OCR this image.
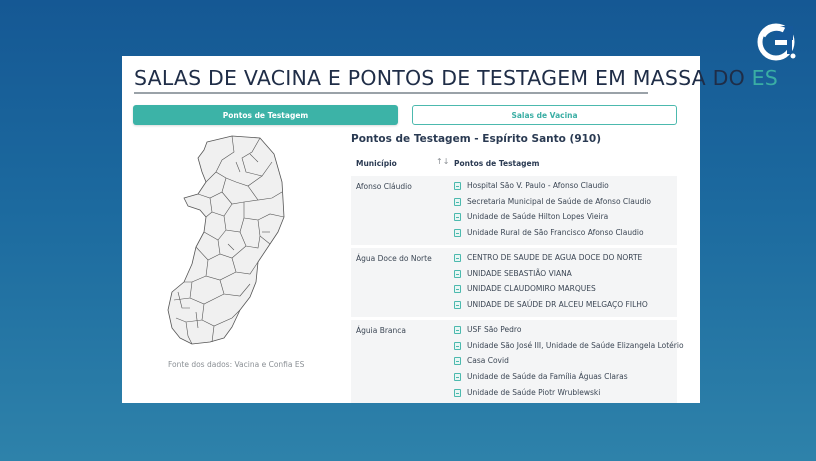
SALAS DE VACINA E PONTOS DE TESTAGEM EM MASSA DO ES
Pontos de Testagem	Salas de Vacina
Fonte dos dados: Vacina e Confia ES
Pontos de Testagem - Espírito Santo (910)
Município	↑↓ Pontos de Testagem
Afonso Cláudio	Hospital São V. Paulo - Afonso Claudio
Secretaria Municipal de Saúde de Afonso Claudio
Unidade de Saúde Hilton Lopes Vieira
Unidade Rural de São Francisco Afonso Claudio
Água Doce do Norte	CENTRO DE SAUDE DE AGUA DOCE DO NORTE
UNIDADE SEBASTIÃO VIANA
UNIDADE CLAUDOMIRO MARQUES
UNIDADE DE SAÚDE DR ALCEU MELGAÇO FILHO
Águia Branca	USF São Pedro
Unidade São José III, Unidade de Saúde Elizangela Lotério
Casa Covid
Unidade de Saúde da Família Águas Claras
Unidade de Saúde Piotr Wrublewski
